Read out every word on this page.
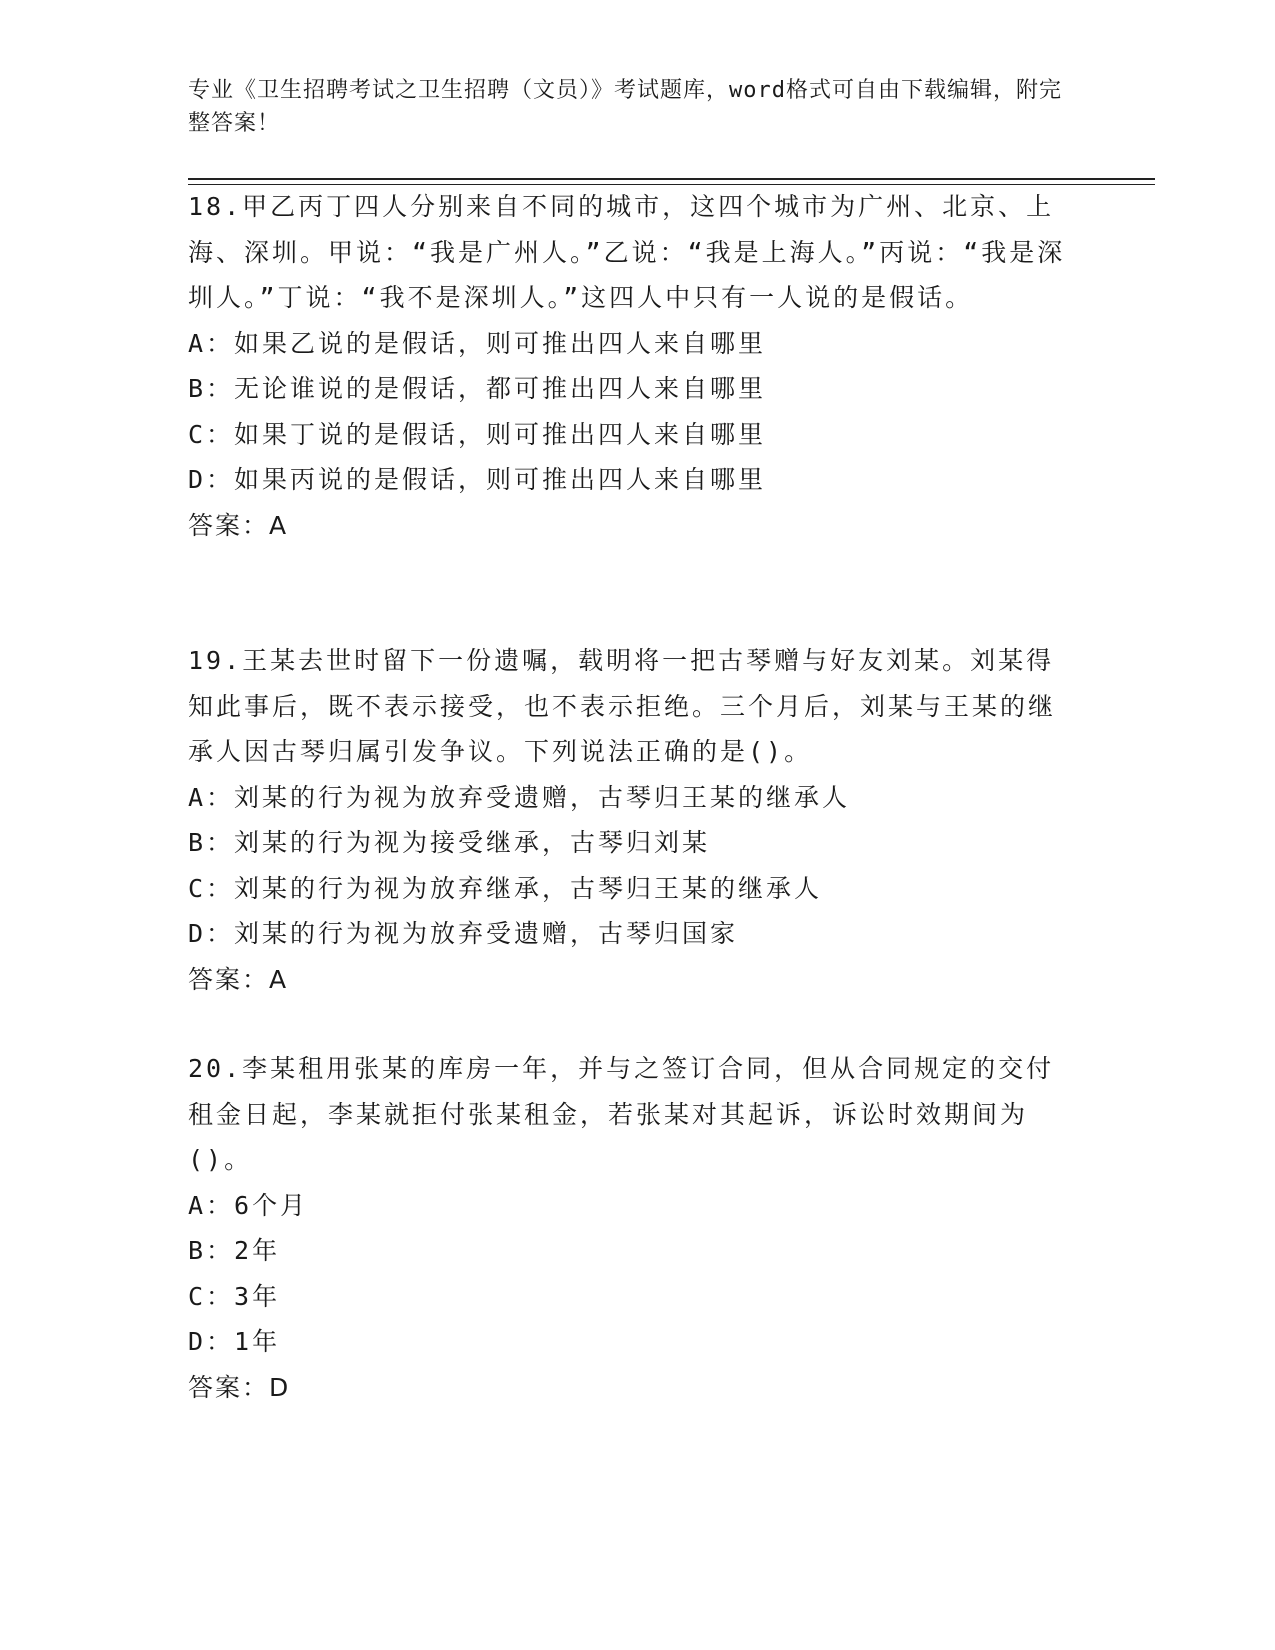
专业《卫生招聘考试之卫生招聘（文员）》考试题库，word格式可自由下载编辑，附完整答案！
18.甲乙丙丁四人分别来自不同的城市，这四个城市为广州、北京、上海、深圳。甲说：“我是广州人。”乙说：“我是上海人。”丙说：“我是深圳人。”丁说：“我不是深圳人。”这四人中只有一人说的是假话。
A：如果乙说的是假话，则可推出四人来自哪里
B：无论谁说的是假话，都可推出四人来自哪里
C：如果丁说的是假话，则可推出四人来自哪里
D：如果丙说的是假话，则可推出四人来自哪里
答案：A
19.王某去世时留下一份遗嘱，载明将一把古琴赠与好友刘某。刘某得知此事后，既不表示接受，也不表示拒绝。三个月后，刘某与王某的继承人因古琴归属引发争议。下列说法正确的是()。
A：刘某的行为视为放弃受遗赠，古琴归王某的继承人
B：刘某的行为视为接受继承，古琴归刘某
C：刘某的行为视为放弃继承，古琴归王某的继承人
D：刘某的行为视为放弃受遗赠，古琴归国家
答案：A
20.李某租用张某的库房一年，并与之签订合同，但从合同规定的交付租金日起，李某就拒付张某租金，若张某对其起诉，诉讼时效期间为()。
A：6个月
B：2年
C：3年
D：1年
答案：D
